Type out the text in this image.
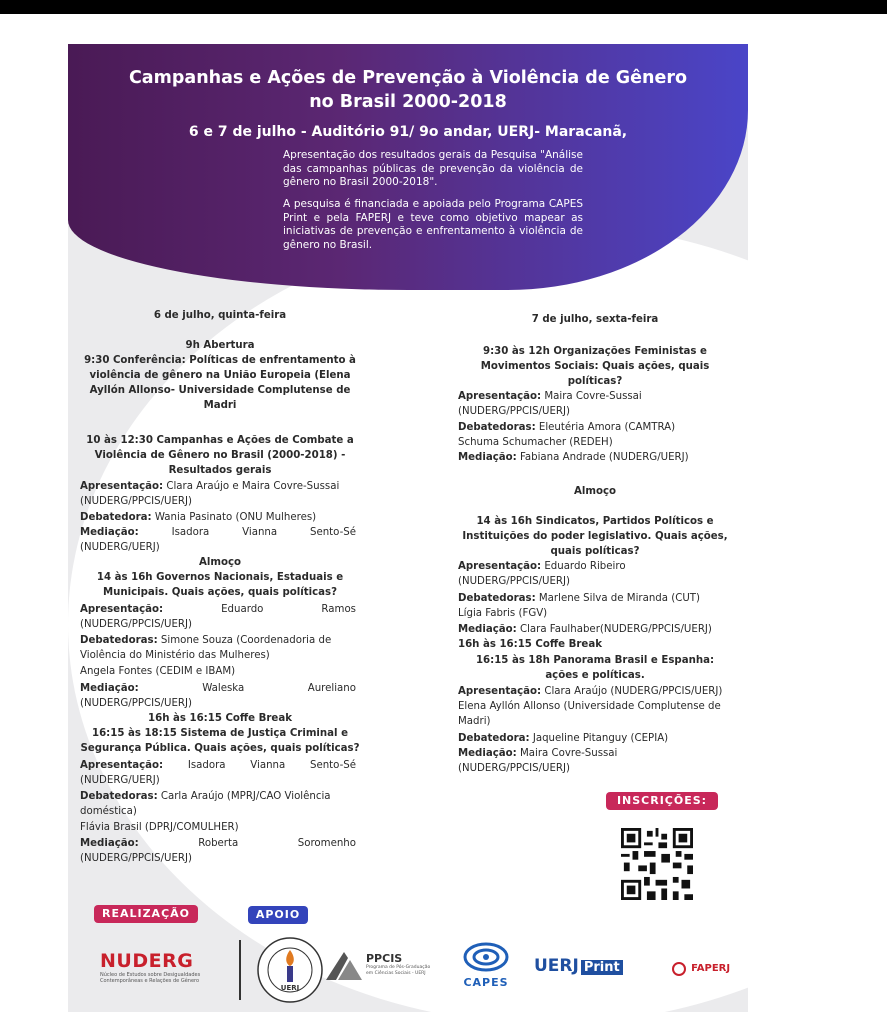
Campanhas e Ações de Prevenção à Violência de Gênero
no Brasil 2000-2018
6 e 7 de julho - Auditório 91/ 9o andar, UERJ- Maracanã,
Apresentação dos resultados gerais da Pesquisa "Análise das campanhas públicas de prevenção da violência de gênero no Brasil 2000-2018".
A pesquisa é financiada e apoiada pelo Programa CAPES Print e pela FAPERJ e teve como objetivo mapear as iniciativas de prevenção e enfrentamento à violência de gênero no Brasil.
6 de julho, quinta-feira
9h Abertura
9:30 Conferência: Políticas de enfrentamento à violência de gênero na União Europeia (Elena Ayllón Allonso- Universidade Complutense de Madri
10 às 12:30 Campanhas e Ações de Combate a Violência de Gênero no Brasil (2000-2018) - Resultados gerais
Apresentação: Clara Araújo e Maira Covre-Sussai
(NUDERG/PPCIS/UERJ)
Debatedora: Wania Pasinato (ONU Mulheres)
Mediação:	Isadora Vianna Sento-Sé
(NUDERG/UERJ)
Almoço
14 às 16h Governos Nacionais, Estaduais e Municipais. Quais ações, quais políticas?
Apresentação:	Eduardo Ramos
(NUDERG/PPCIS/UERJ)
Debatedoras: Simone Souza (Coordenadoria de Violência do Ministério das Mulheres)
Angela Fontes (CEDIM e IBAM)
Mediação:	Waleska Aureliano
(NUDERG/PPCIS/UERJ)
16h às 16:15 Coffe Break
16:15 às 18:15 Sistema de Justiça Criminal e Segurança Pública. Quais ações, quais políticas?
Apresentação: Isadora Vianna Sento-Sé
(NUDERG/UERJ)
Debatedoras: Carla Araújo (MPRJ/CAO Violência doméstica)
Flávia Brasil (DPRJ/COMULHER)
Mediação:	Roberta Soromenho
(NUDERG/PPCIS/UERJ)
7 de julho, sexta-feira
9:30 às 12h Organizações Feministas e Movimentos Sociais: Quais ações, quais políticas?
Apresentação: Maira Covre-Sussai
(NUDERG/PPCIS/UERJ)
Debatedoras: Eleutéria Amora (CAMTRA)
Schuma Schumacher (REDEH)
Mediação: Fabiana Andrade (NUDERG/UERJ)
Almoço
14 às 16h Sindicatos, Partidos Políticos e Instituições do poder legislativo. Quais ações, quais políticas?
Apresentação: Eduardo Ribeiro
(NUDERG/PPCIS/UERJ)
Debatedoras: Marlene Silva de Miranda (CUT)
Lígia Fabris (FGV)
Mediação: Clara Faulhaber(NUDERG/PPCIS/UERJ)
16h às 16:15 Coffe Break
16:15 às 18h Panorama Brasil e Espanha: ações e políticas.
Apresentação: Clara Araújo (NUDERG/PPCIS/UERJ)
Elena Ayllón Allonso (Universidade Complutense de Madri)
Debatedora: Jaqueline Pitanguy (CEPIA)
Mediação: Maira Covre-Sussai
(NUDERG/PPCIS/UERJ)
INSCRIÇÕES:
REALIZAÇÃO	APOIO
NUDERG
Núcleo de Estudos sobre Desigualdades Contemporâneas e Relações de Gênero
UERJ
PPCIS
Programa de Pós-Graduação em Ciências Sociais - UERJ
CAPES
UERJ Print	FAPERJ
